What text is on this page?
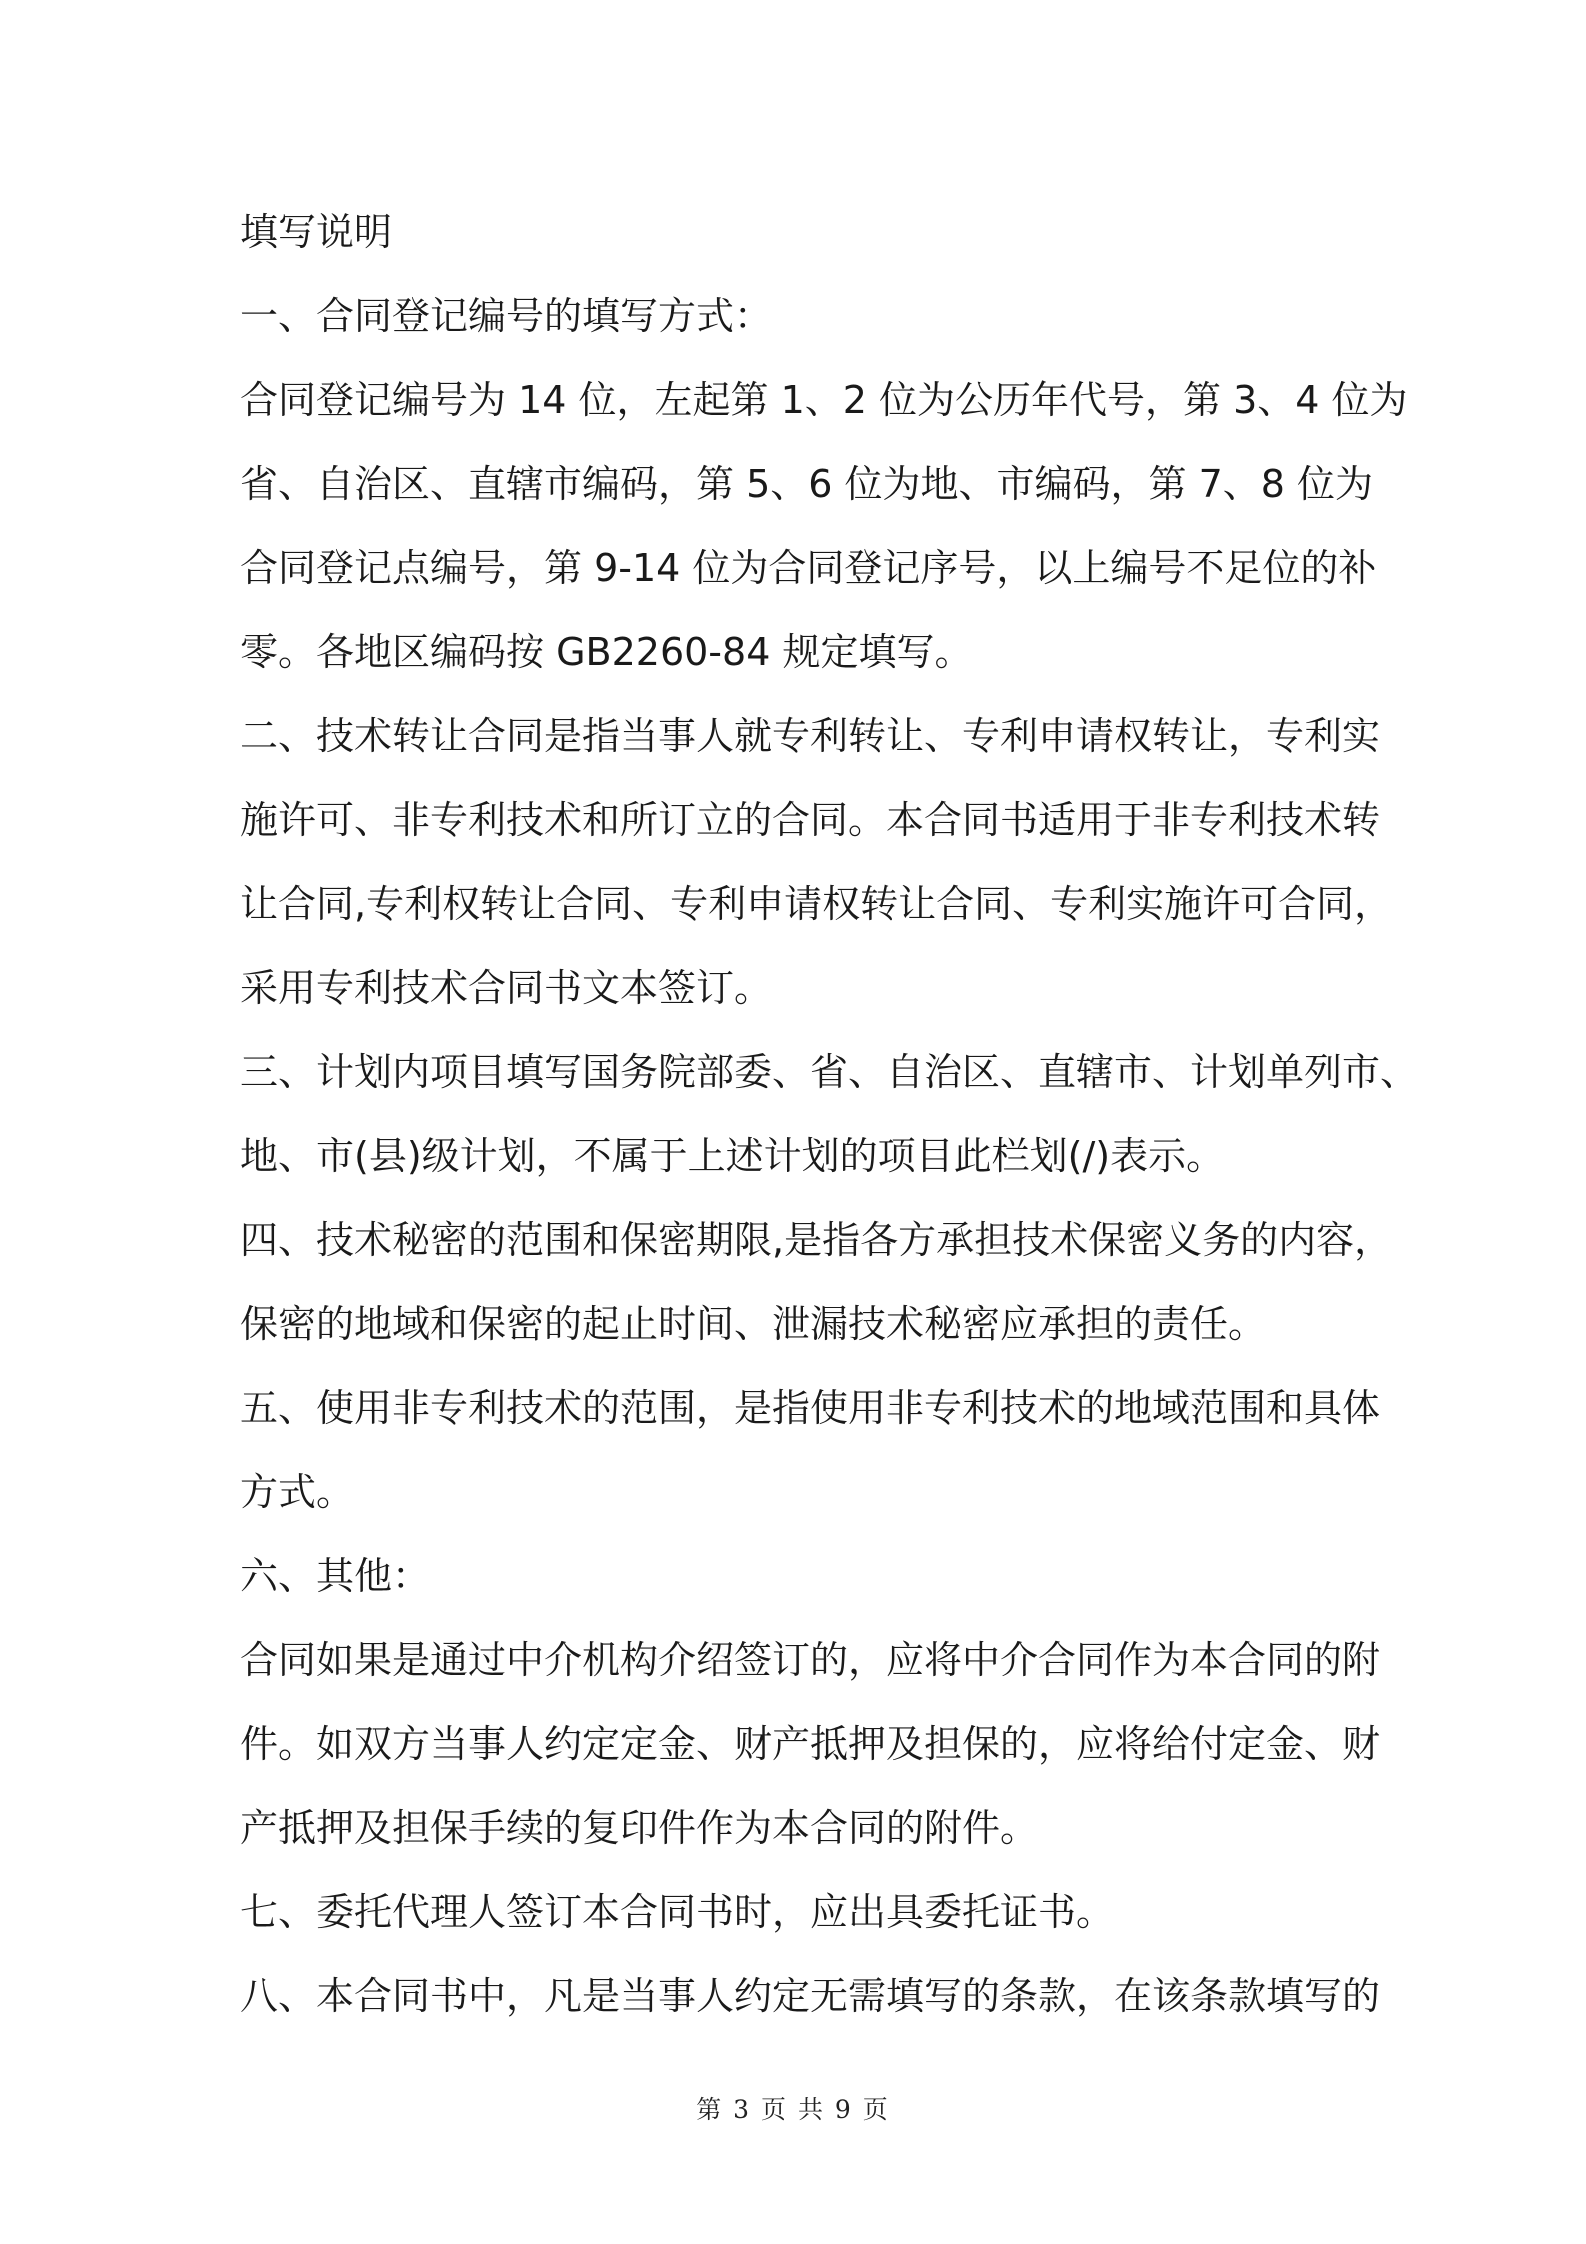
填写说明
一、合同登记编号的填写方式：
合同登记编号为 14 位，左起第 1、2 位为公历年代号，第 3、4 位为
省、自治区、直辖市编码，第 5、6 位为地、市编码，第 7、8 位为
合同登记点编号，第 9-14 位为合同登记序号，以上编号不足位的补
零。各地区编码按 GB2260-84 规定填写。
二、技术转让合同是指当事人就专利转让、专利申请权转让，专利实
施许可、非专利技术和所订立的合同。本合同书适用于非专利技术转
让合同,专利权转让合同、专利申请权转让合同、专利实施许可合同，
采用专利技术合同书文本签订。
三、计划内项目填写国务院部委、省、自治区、直辖市、计划单列市、
地、市(县)级计划，不属于上述计划的项目此栏划(/)表示。
四、技术秘密的范围和保密期限,是指各方承担技术保密义务的内容，
保密的地域和保密的起止时间、泄漏技术秘密应承担的责任。
五、使用非专利技术的范围，是指使用非专利技术的地域范围和具体
方式。
六、其他：
合同如果是通过中介机构介绍签订的，应将中介合同作为本合同的附
件。如双方当事人约定定金、财产抵押及担保的，应将给付定金、财
产抵押及担保手续的复印件作为本合同的附件。
七、委托代理人签订本合同书时，应出具委托证书。
八、本合同书中，凡是当事人约定无需填写的条款，在该条款填写的
第 3 页 共 9 页
